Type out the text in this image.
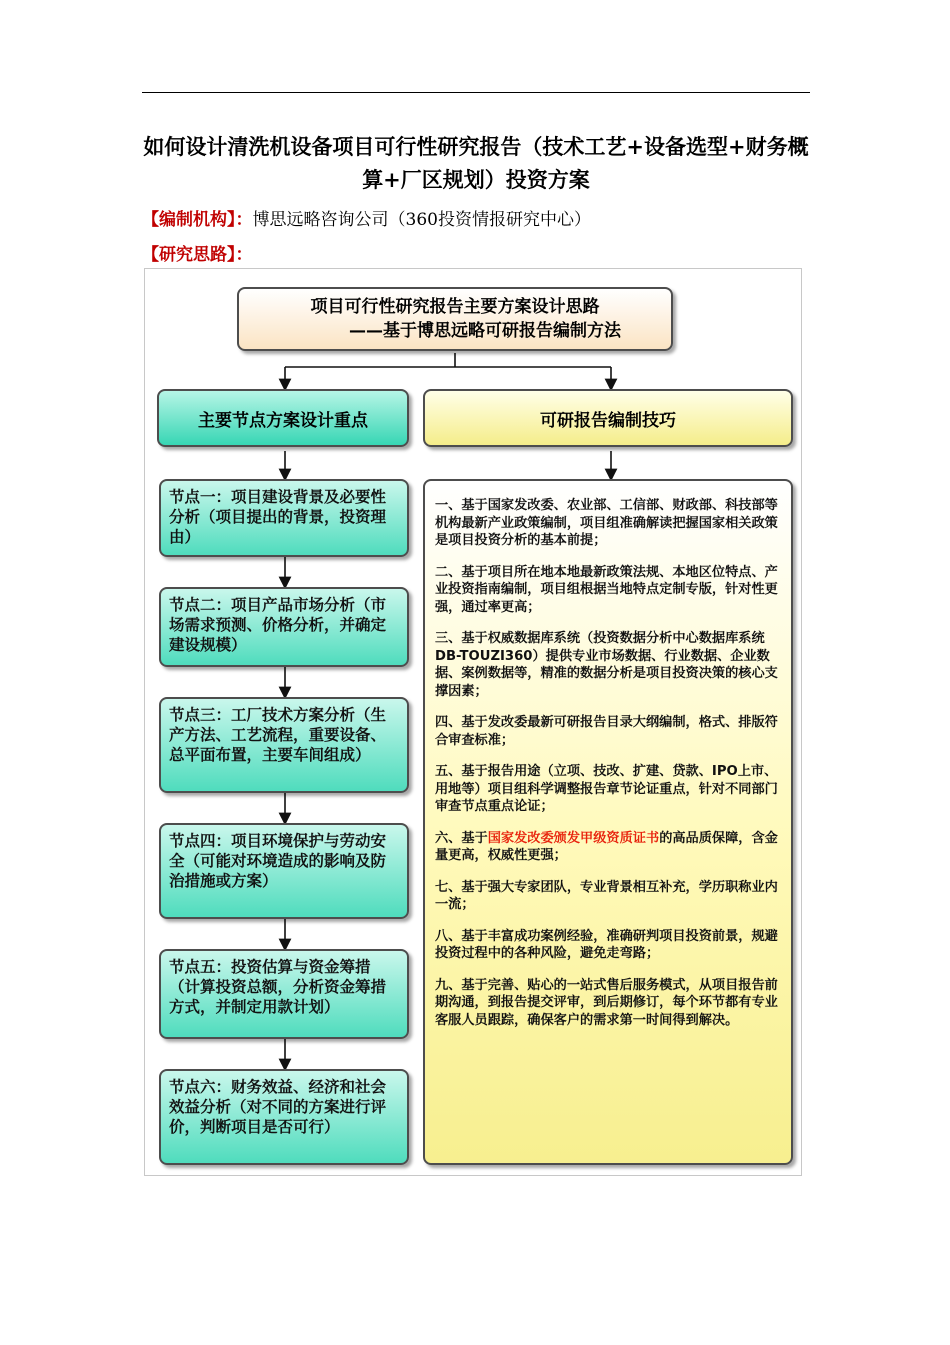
如何设计清洗机设备项目可行性研究报告（技术工艺+设备选型+财务概算+厂区规划）投资方案
【编制机构】：博思远略咨询公司（360投资情报研究中心）
【研究思路】：
项目可行性研究报告主要方案设计思路
——基于博思远略可研报告编制方法
主要节点方案设计重点	可研报告编制技巧
节点一：项目建设背景及必要性分析（项目提出的背景，投资理由）
节点二：项目产品市场分析（市场需求预测、价格分析，并确定建设规模）
节点三：工厂技术方案分析（生产方法、工艺流程，重要设备、总平面布置，主要车间组成）
节点四：项目环境保护与劳动安全（可能对环境造成的影响及防治措施或方案）
节点五：投资估算与资金筹措（计算投资总额，分析资金筹措方式，并制定用款计划）
节点六：财务效益、经济和社会效益分析（对不同的方案进行评价，判断项目是否可行）
一、基于国家发改委、农业部、工信部、财政部、科技部等机构最新产业政策编制，项目组准确解读把握国家相关政策是项目投资分析的基本前提；
二、基于项目所在地本地最新政策法规、本地区位特点、产业投资指南编制，项目组根据当地特点定制专版，针对性更强，通过率更高；
三、基于权威数据库系统（投资数据分析中心数据库系统DB-TOUZI360）提供专业市场数据、行业数据、企业数据、案例数据等，精准的数据分析是项目投资决策的核心支撑因素；
四、基于发改委最新可研报告目录大纲编制，格式、排版符合审查标准；
五、基于报告用途（立项、技改、扩建、贷款、IPO上市、用地等）项目组科学调整报告章节论证重点，针对不同部门审查节点重点论证；
六、基于国家发改委颁发甲级资质证书的高品质保障，含金量更高，权威性更强；
七、基于强大专家团队，专业背景相互补充，学历职称业内一流；
八、基于丰富成功案例经验，准确研判项目投资前景，规避投资过程中的各种风险，避免走弯路；
九、基于完善、贴心的一站式售后服务模式，从项目报告前期沟通，到报告提交评审，到后期修订，每个环节都有专业客服人员跟踪，确保客户的需求第一时间得到解决。
